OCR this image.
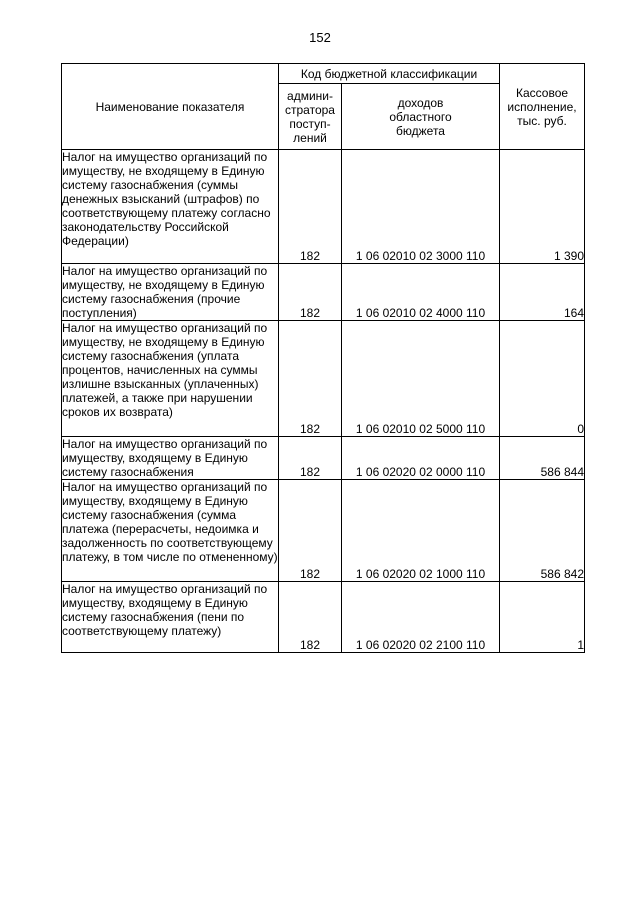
152
Наименование показателя	Код бюджетной классификации		Кассовое
исполнение,
тыс. руб.
	админи-
стратора
поступ-
лений	доходов
областного
бюджета	
Налог на имущество организаций по имуществу, не входящему в Единую систему газоснабжения (суммы денежных взысканий (штрафов) по соответствующему платежу согласно законодательству Российской Федерации)	182	1 06 02010 02 3000 110	1 390
Налог на имущество организаций по имуществу, не входящему в Единую систему газоснабжения (прочие поступления)	182	1 06 02010 02 4000 110	164
Налог на имущество организаций по имуществу, не входящему в Единую систему газоснабжения (уплата процентов, начисленных на суммы излишне взысканных (уплаченных) платежей, а также при нарушении сроков их возврата)	182	1 06 02010 02 5000 110	0
Налог на имущество организаций по имуществу, входящему в Единую систему газоснабжения	182	1 06 02020 02 0000 110	586 844
Налог на имущество организаций по имуществу, входящему в Единую систему газоснабжения (сумма платежа (перерасчеты, недоимка и задолженность по соответствующему платежу, в том числе по отмененному)	182	1 06 02020 02 1000 110	586 842
Налог на имущество организаций по имуществу, входящему в Единую систему газоснабжения (пени по соответствующему платежу)	182	1 06 02020 02 2100 110	1
